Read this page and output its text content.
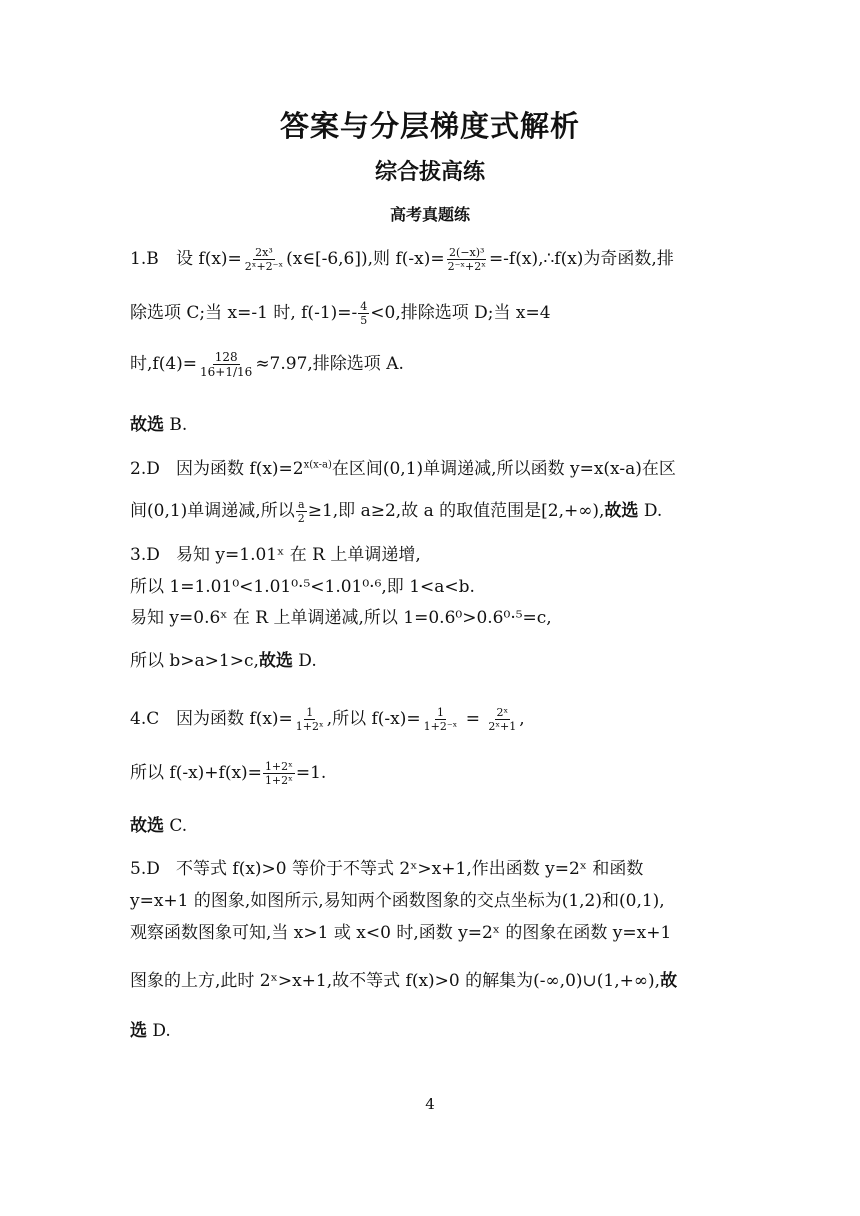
答案与分层梯度式解析
综合拔高练
高考真题练
1.B 设 $f(x)= \frac{\text{2x³}}{\text{2ˣ+2⁻ˣ}}$ (x∈[-6,6]),则 $f(-x)= \frac{\text{2(−x)³}}{\text{2⁻ˣ+2ˣ}}$ =-f(x),∴f(x)为奇函数,排
除选项 C;当 x=-1 时, $f(-1)=- \frac{4}{5} <0$,排除选项 D;当 x=4
时$,f(4)= \frac{128}{16+1/16} \approx 7.97$,排除选项 A.
故选 B.
2.D 因为函数 $f(x)=2^{x(x-a)}$在区间(0,1)单调递减,所以函数 y=x(x-a)在区
间(0,1)单调递减,所以 $\frac{a}{2} \ge 1$,即 a≥2,故 a 的取值范围是[2,+∞),故选 D.
3.D 易知 y=1.01ˣ 在 R 上单调递增,
所以 1=1.01⁰<1.01⁰·⁵<1.01⁰·⁶,即 1<a<b.
易知 y=0.6ˣ 在 R 上单调递减,所以 1=0.6⁰>0.6⁰·⁵=c,
所以 b>a>1>c,故选 D.
4.C 因为函数 $f(x)= \frac{1}{\text{1+2ˣ}}$ ,所以 $f(-x)= \frac{1}{\text{1+2⁻ˣ}} = \frac{\text{2ˣ}}{\text{2ˣ+1}}$ ,
所以 $f(-x)+f(x)= \frac{\text{1+2ˣ}}{\text{1+2ˣ}} =1$.
故选 C.
5.D 不等式 f(x)>0 等价于不等式 2ˣ>x+1,作出函数 y=2ˣ 和函数
y=x+1 的图象,如图所示,易知两个函数图象的交点坐标为(1,2)和(0,1),
观察函数图象可知,当 x>1 或 x<0 时,函数 y=2ˣ 的图象在函数 y=x+1
图象的上方,此时 2ˣ>x+1,故不等式 f(x)>0 的解集为(-∞,0)∪(1,+∞),故
选 D.
4
